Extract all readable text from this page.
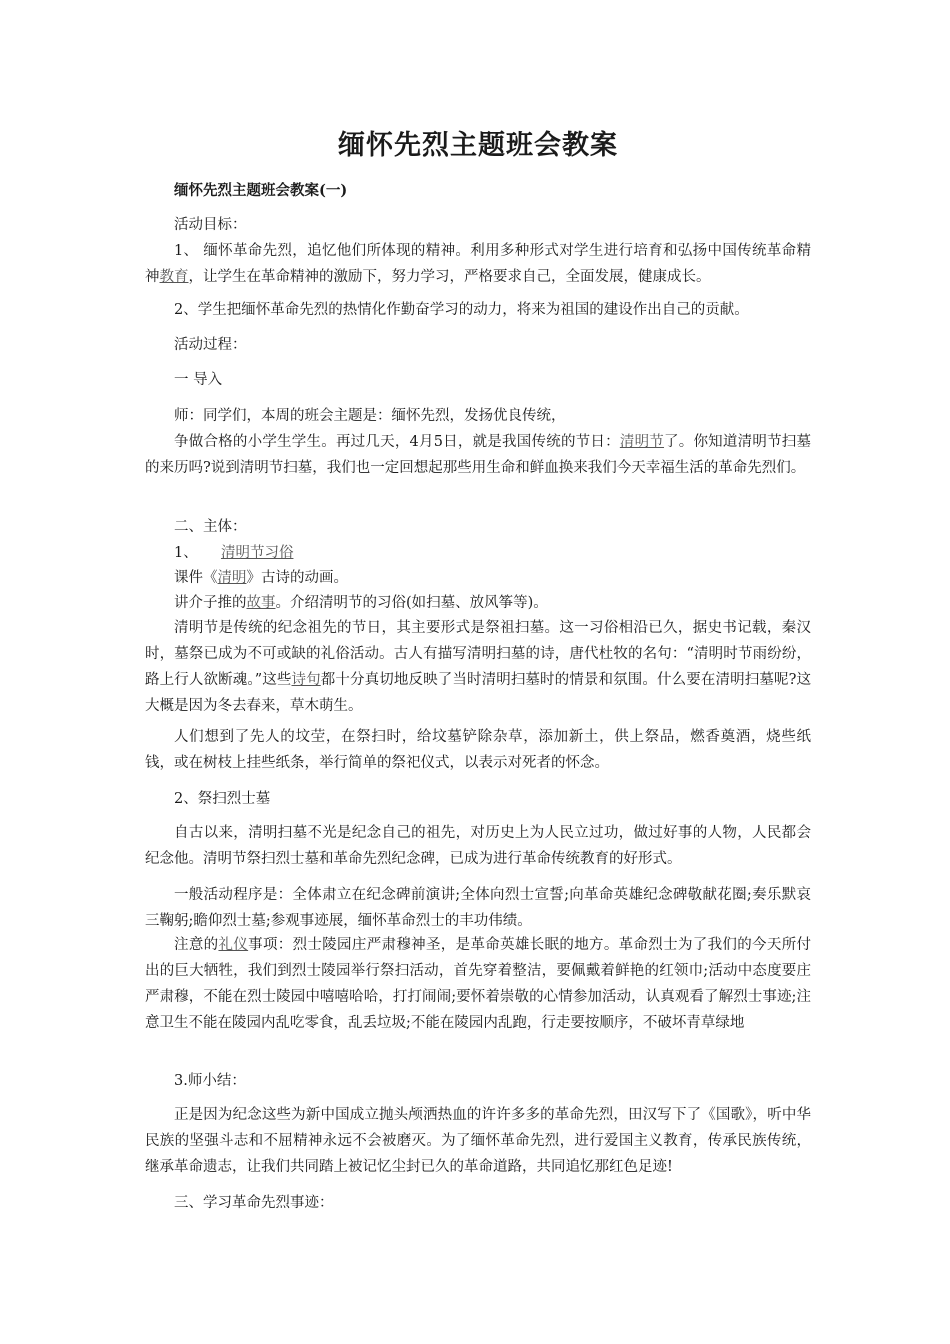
缅怀先烈主题班会教案

缅怀先烈主题班会教案(一)

活动目标：

1、 缅怀革命先烈，追忆他们所体现的精神。利用多种形式对学生进行培育和弘扬中国传统革命精神教育，让学生在革命精神的激励下，努力学习，严格要求自己，全面发展，健康成长。

2、学生把缅怀革命先烈的热情化作勤奋学习的动力，将来为祖国的建设作出自己的贡献。

活动过程：

一 导入

师：同学们，本周的班会主题是：缅怀先烈，发扬优良传统，

争做合格的小学生学生。再过几天，4月5日，就是我国传统的节日：清明节了。你知道清明节扫墓的来历吗?说到清明节扫墓，我们也一定回想起那些用生命和鲜血换来我们今天幸福生活的革命先烈们。

二、主体：

1、  清明节习俗

课件《清明》古诗的动画。

讲介子推的故事。介绍清明节的习俗(如扫墓、放风筝等)。

清明节是传统的纪念祖先的节日，其主要形式是祭祖扫墓。这一习俗相沿已久，据史书记载，秦汉时，墓祭已成为不可或缺的礼俗活动。古人有描写清明扫墓的诗，唐代杜牧的名句：“清明时节雨纷纷，路上行人欲断魂。”这些诗句都十分真切地反映了当时清明扫墓时的情景和氛围。什么要在清明扫墓呢?这大概是因为冬去春来，草木萌生。

人们想到了先人的坟茔，在祭扫时，给坟墓铲除杂草，添加新土，供上祭品，燃香奠酒，烧些纸钱，或在树枝上挂些纸条，举行简单的祭祀仪式，以表示对死者的怀念。

2、祭扫烈士墓

自古以来，清明扫墓不光是纪念自己的祖先，对历史上为人民立过功，做过好事的人物，人民都会纪念他。清明节祭扫烈士墓和革命先烈纪念碑，已成为进行革命传统教育的好形式。

一般活动程序是：全体肃立在纪念碑前演讲;全体向烈士宣誓;向革命英雄纪念碑敬献花圈;奏乐默哀三鞠躬;瞻仰烈士墓;参观事迹展，缅怀革命烈士的丰功伟绩。

注意的礼仪事项：烈士陵园庄严肃穆神圣，是革命英雄长眠的地方。革命烈士为了我们的今天所付出的巨大牺牲，我们到烈士陵园举行祭扫活动，首先穿着整洁，要佩戴着鲜艳的红领巾;活动中态度要庄严肃穆，不能在烈士陵园中嘻嘻哈哈，打打闹闹;要怀着崇敬的心情参加活动，认真观看了解烈士事迹;注意卫生不能在陵园内乱吃零食，乱丢垃圾;不能在陵园内乱跑，行走要按顺序，不破坏青草绿地

3.师小结：

正是因为纪念这些为新中国成立抛头颅洒热血的许许多多的革命先烈，田汉写下了《国歌》，听中华民族的坚强斗志和不屈精神永远不会被磨灭。为了缅怀革命先烈，进行爱国主义教育，传承民族传统， 继承革命遗志，让我们共同踏上被记忆尘封已久的革命道路，共同追忆那红色足迹!

三、学习革命先烈事迹：
